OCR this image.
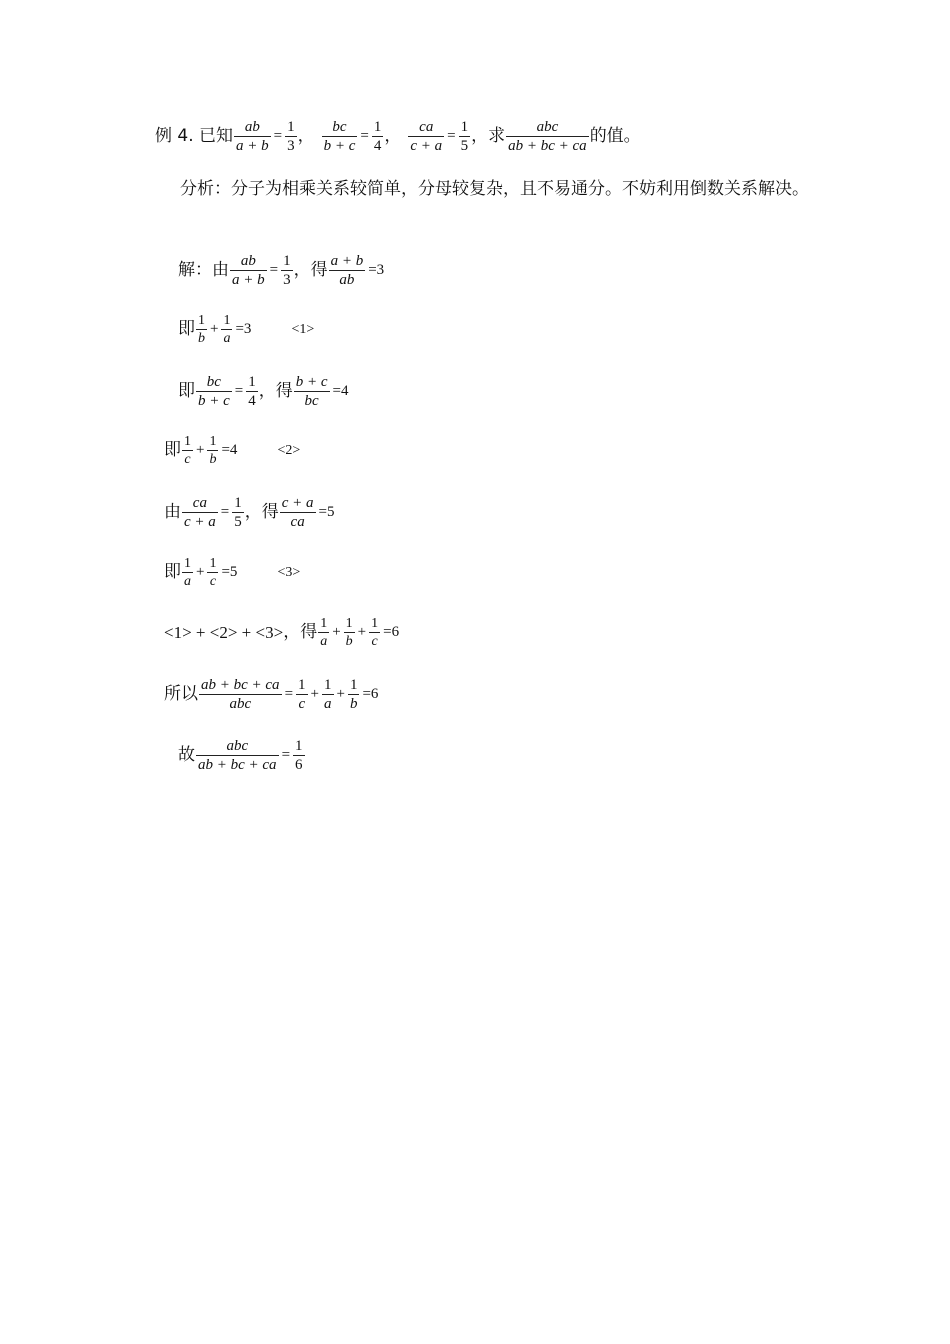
例 4. 已知 $\frac{ab}{a + b} = \frac{1}{3}$ ， $\frac{bc}{b + c} = \frac{1}{4}$ ， $\frac{ca}{c + a} = \frac{1}{5}$ ，求 $\frac{\text{abc}}{ab + bc + ca}$ 的值。
分析：分子为相乘关系较简单，分母较复杂，且不易通分。不妨利用倒数关系解决。
解：由 $\frac{ab}{a + b} = \frac{1}{3}$ ，得 $\frac{a + b}{ab} =3$
即 $\frac{1}{b} + \frac{1}{a} =3$	<1>
即 $\frac{bc}{b + c} = \frac{1}{4}$ ，得 $\frac{b + c}{bc} =4$
即 $\frac{1}{c} + \frac{1}{b} =4$	<2>
由 $\frac{ca}{c + a} = \frac{1}{5}$ ，得 $\frac{c + a}{ca} =5$
即 $\frac{1}{a} + \frac{1}{c} =5$	<3>
<1> + <2> + <3> ，得 $\frac{1}{a} + \frac{1}{b} + \frac{1}{c} =6$
所以 $\frac{ab + bc + ca}{\text{abc}} = \frac{1}{c} + \frac{1}{a} + \frac{1}{b} =6$
故 $\frac{\text{abc}}{ab + bc + ca} = \frac{1}{6}$
